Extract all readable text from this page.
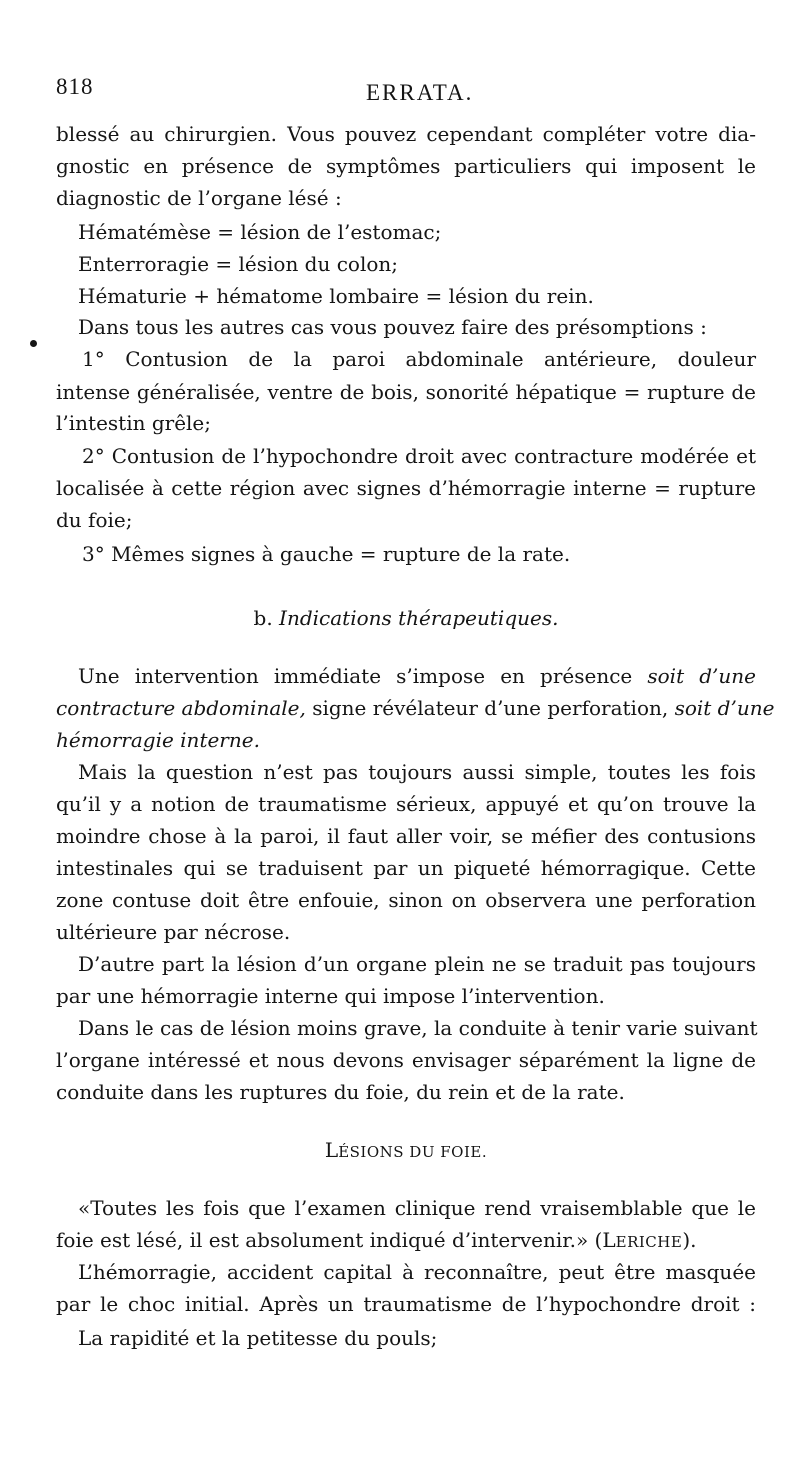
818	ERRATA.

blessé au chirurgien. Vous pouvez cependant compléter votre dia-

gnostic en présence de symptômes particuliers qui imposent le

diagnostic de l’organe lésé :

Hématémèse = lésion de l’estomac;

Enterroragie = lésion du colon;

Hématurie + hématome lombaire = lésion du rein.

Dans tous les autres cas vous pouvez faire des présomptions :

1° Contusion de la paroi abdominale antérieure, douleur

intense généralisée, ventre de bois, sonorité hépatique = rupture de

l’intestin grêle;

2° Contusion de l’hypochondre droit avec contracture modérée et

localisée à cette région avec signes d’hémorragie interne = rupture

du foie;

3° Mêmes signes à gauche = rupture de la rate.

b. Indications thérapeutiques.

Une intervention immédiate s’impose en présence soit d’une

contracture abdominale, signe révélateur d’une perforation, soit d’une

hémorragie interne.

Mais la question n’est pas toujours aussi simple, toutes les fois

qu’il y a notion de traumatisme sérieux, appuyé et qu’on trouve la

moindre chose à la paroi, il faut aller voir, se méfier des contusions

intestinales qui se traduisent par un piqueté hémorragique. Cette

zone contuse doit être enfouie, sinon on observera une perforation

ultérieure par nécrose.

D’autre part la lésion d’un organe plein ne se traduit pas toujours

par une hémorragie interne qui impose l’intervention.

Dans le cas de lésion moins grave, la conduite à tenir varie suivant

l’organe intéressé et nous devons envisager séparément la ligne de

conduite dans les ruptures du foie, du rein et de la rate.

LÉSIONS DU FOIE.

«Toutes les fois que l’examen clinique rend vraisemblable que le

foie est lésé, il est absolument indiqué d’intervenir.» (LERICHE).

L’hémorragie, accident capital à reconnaître, peut être masquée

par le choc initial. Après un traumatisme de l’hypochondre droit :

La rapidité et la petitesse du pouls;
